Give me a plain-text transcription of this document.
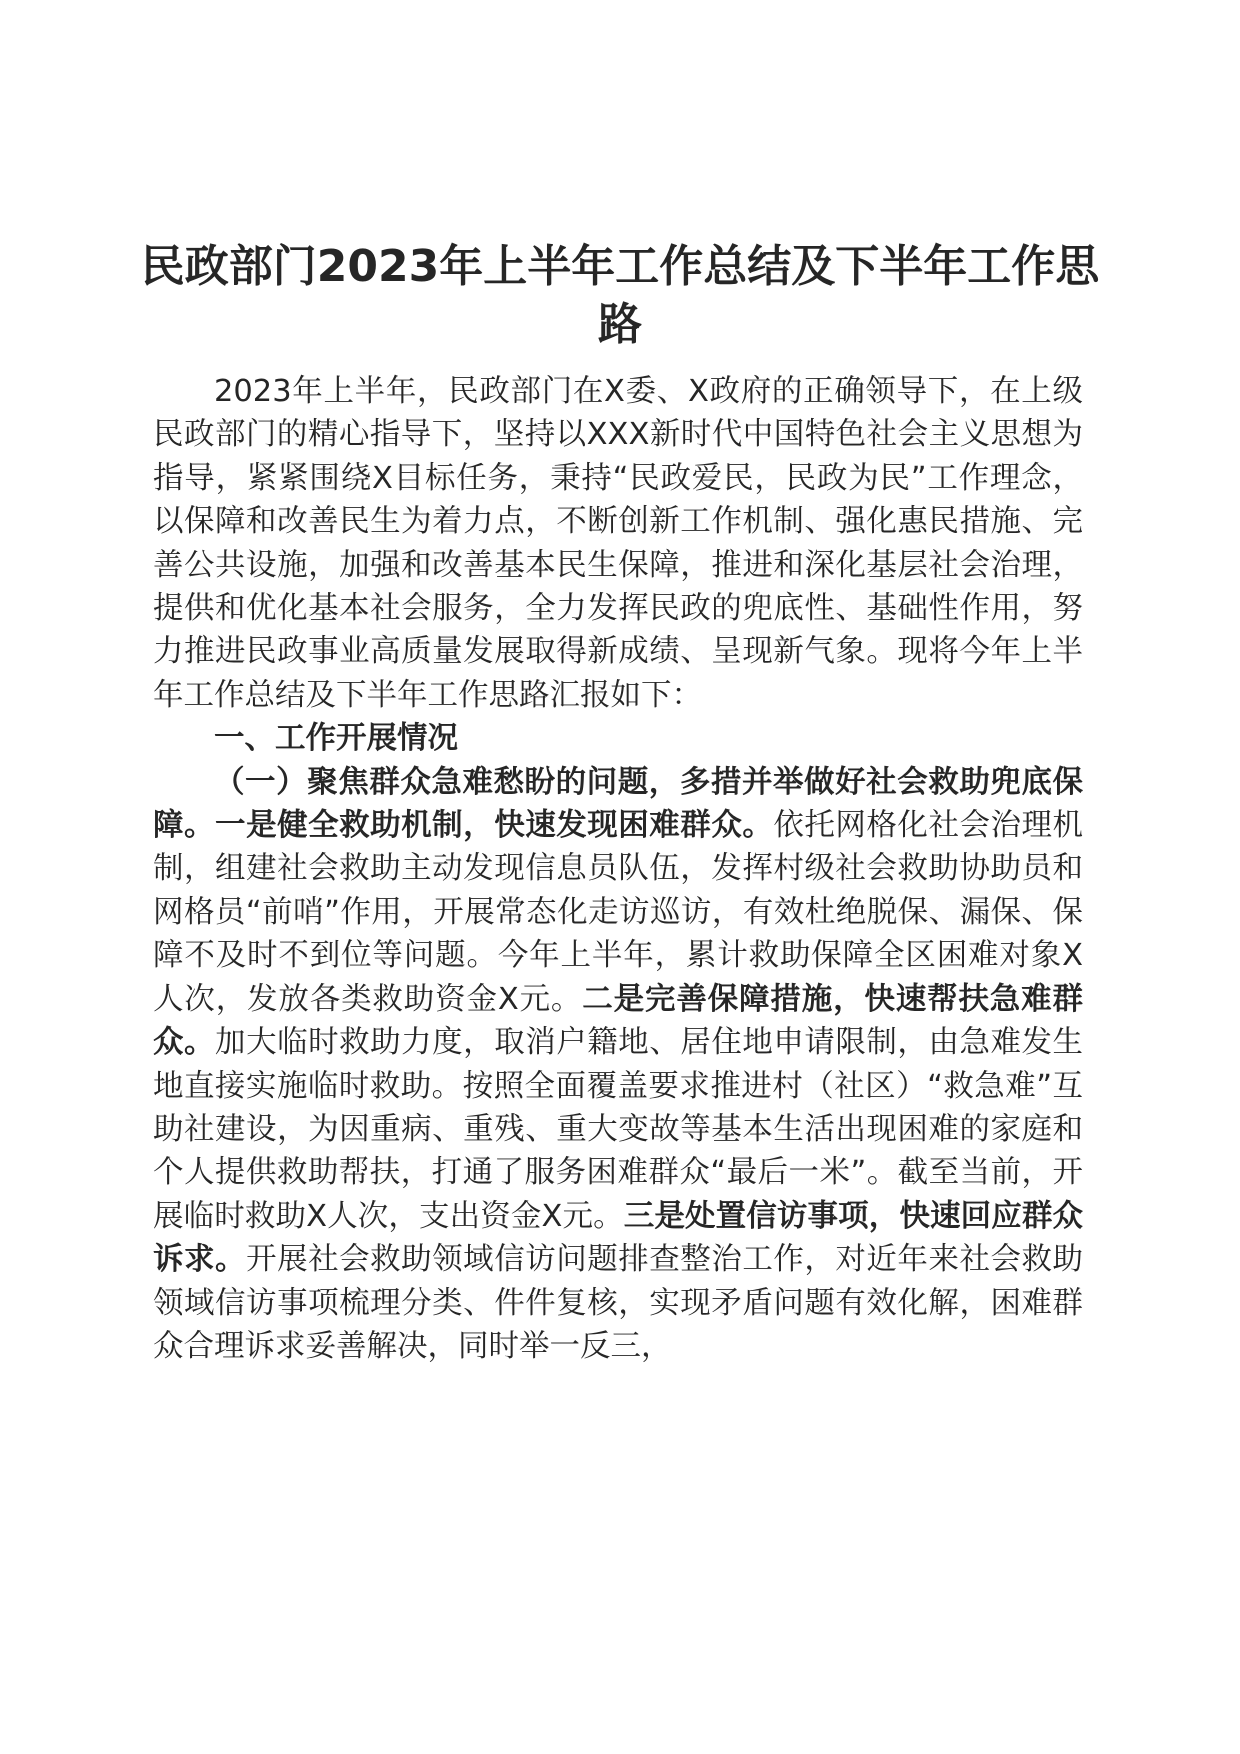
民政部门2023年上半年工作总结及下半年工作思路

2023年上半年，民政部门在X委、X政府的正确领导下，在上级民政部门的精心指导下，坚持以XXX新时代中国特色社会主义思想为指导，紧紧围绕X目标任务，秉持“民政爱民，民政为民”工作理念，以保障和改善民生为着力点，不断创新工作机制、强化惠民措施、完善公共设施，加强和改善基本民生保障，推进和深化基层社会治理，提供和优化基本社会服务，全力发挥民政的兜底性、基础性作用，努力推进民政事业高质量发展取得新成绩、呈现新气象。现将今年上半年工作总结及下半年工作思路汇报如下：

一、工作开展情况

（一）聚焦群众急难愁盼的问题，多措并举做好社会救助兜底保障。一是健全救助机制，快速发现困难群众。依托网格化社会治理机制，组建社会救助主动发现信息员队伍，发挥村级社会救助协助员和网格员“前哨”作用，开展常态化走访巡访，有效杜绝脱保、漏保、保障不及时不到位等问题。今年上半年，累计救助保障全区困难对象X人次，发放各类救助资金X元。二是完善保障措施，快速帮扶急难群众。加大临时救助力度，取消户籍地、居住地申请限制，由急难发生地直接实施临时救助。按照全面覆盖要求推进村（社区）“救急难”互助社建设，为因重病、重残、重大变故等基本生活出现困难的家庭和个人提供救助帮扶，打通了服务困难群众“最后一米”。截至当前，开展临时救助X人次，支出资金X元。三是处置信访事项，快速回应群众诉求。开展社会救助领域信访问题排查整治工作，对近年来社会救助领域信访事项梳理分类、件件复核，实现矛盾问题有效化解，困难群众合理诉求妥善解决，同时举一反三，
